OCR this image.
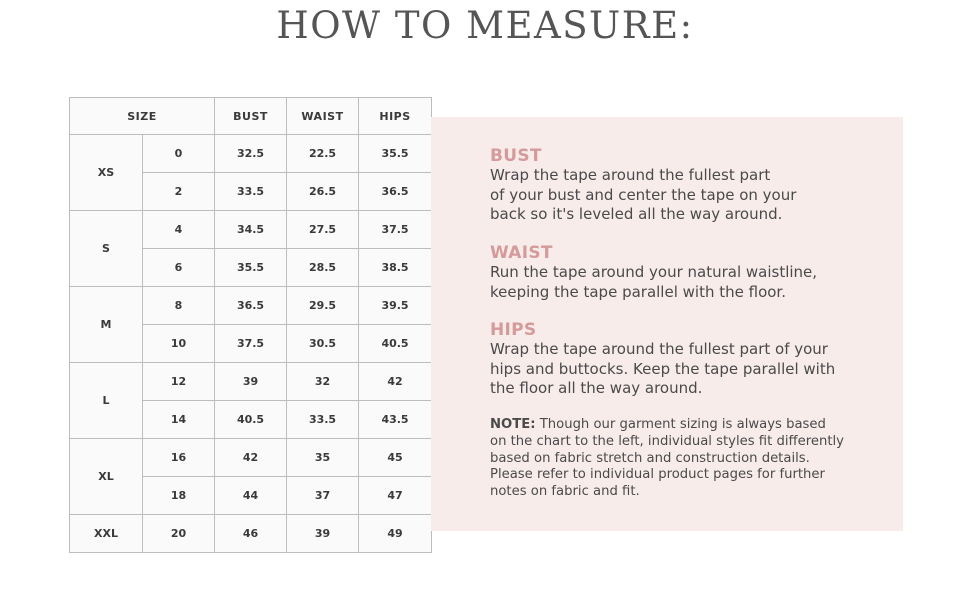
HOW TO MEASURE:
SIZE		BUST	WAIST	HIPS
XS	0	32.5	22.5	35.5
	2	33.5	26.5	36.5
S	4	34.5	27.5	37.5
	6	35.5	28.5	38.5
M	8	36.5	29.5	39.5
	10	37.5	30.5	40.5
L	12	39	32	42
	14	40.5	33.5	43.5
XL	16	42	35	45
	18	44	37	47
XXL	20	46	39	49
BUST
Wrap the tape around the fullest part
of your bust and center the tape on your
back so it's leveled all the way around.
WAIST
Run the tape around your natural waistline,
keeping the tape parallel with the floor.
HIPS
Wrap the tape around the fullest part of your
hips and buttocks. Keep the tape parallel with
the floor all the way around.
NOTE: Though our garment sizing is always based
on the chart to the left, individual styles fit differently
based on fabric stretch and construction details.
Please refer to individual product pages for further
notes on fabric and fit.
